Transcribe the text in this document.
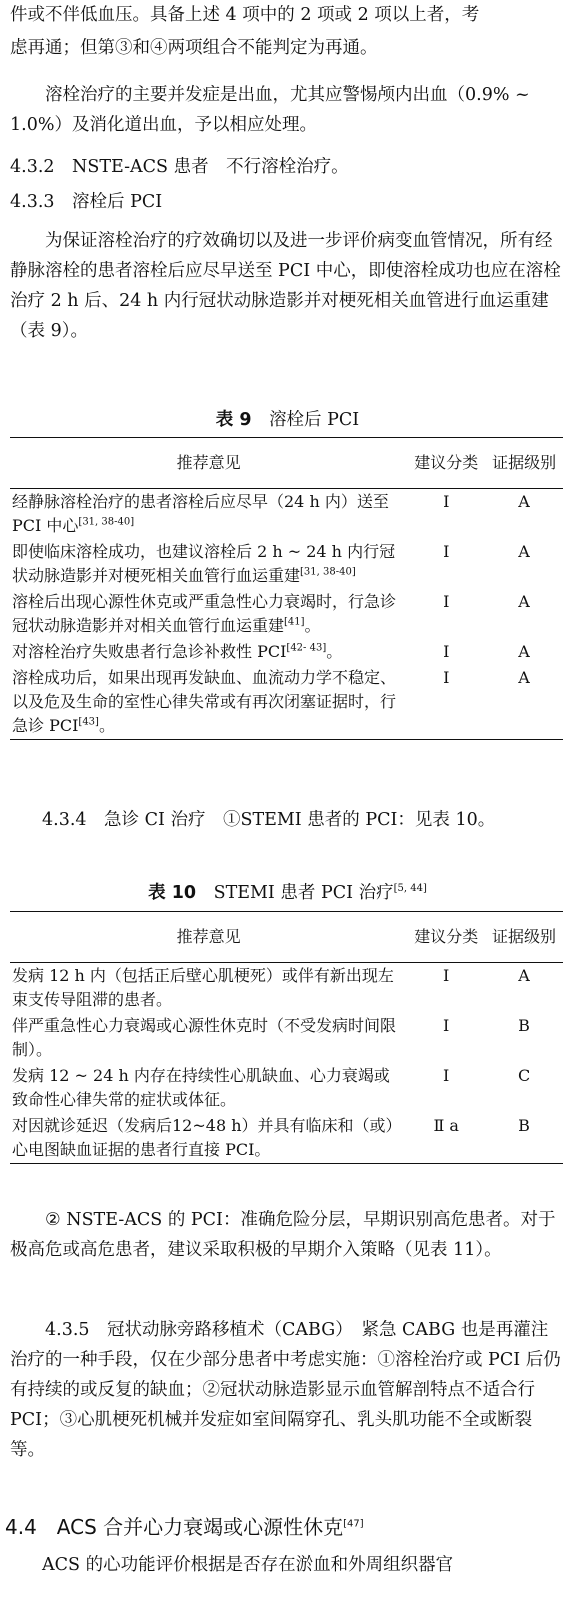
件或不伴低血压。具备上述 4 项中的 2 项或 2 项以上者，考

虑再通；但第③和④两项组合不能判定为再通。

溶栓治疗的主要并发症是出血，尤其应警惕颅内出血（0.9% ~ 1.0%）及消化道出血，予以相应处理。

4.3.2　NSTE-ACS 患者　不行溶栓治疗。

4.3.3　溶栓后 PCI

为保证溶栓治疗的疗效确切以及进一步评价病变血管情况，所有经静脉溶栓的患者溶栓后应尽早送至 PCI 中心，即使溶栓成功也应在溶栓治疗 2 h 后、24 h 内行冠状动脉造影并对梗死相关血管进行血运重建（表 9）。

表 9　 溶栓后 PCI
推荐意见	建议分类	证据级别
经静脉溶栓治疗的患者溶栓后应尽早（24 h 内）送至 PCI 中心[31, 38-40]	I	A
即使临床溶栓成功，也建议溶栓后 2 h ~ 24 h 内行冠状动脉造影并对梗死相关血管行血运重建[31, 38-40]	I	A
溶栓后出现心源性休克或严重急性心力衰竭时，行急诊冠状动脉造影并对相关血管行血运重建[41]。	I	A
对溶栓治疗失败患者行急诊补救性 PCI[42- 43]。	I	A
溶栓成功后，如果出现再发缺血、血流动力学不稳定、以及危及生命的室性心律失常或有再次闭塞证据时，行急诊 PCI[43]。	I	A

4.3.4　急诊 CI 治疗　①STEMI 患者的 PCI：见表 10。

表 10　 STEMI 患者 PCI 治疗[5, 44]
推荐意见	建议分类	证据级别
发病 12 h 内（包括正后壁心肌梗死）或伴有新出现左束支传导阻滞的患者。	I	A
伴严重急性心力衰竭或心源性休克时（不受发病时间限制）。	I	B
发病 12 ~ 24 h 内存在持续性心肌缺血、心力衰竭或致命性心律失常的症状或体征。	I	C
对因就诊延迟（发病后12~48 h）并具有临床和（或）心电图缺血证据的患者行直接 PCI。	Ⅱ a	B

② NSTE-ACS 的 PCI：准确危险分层，早期识别高危患者。对于极高危或高危患者，建议采取积极的早期介入策略（见表 11）。

4.3.5　冠状动脉旁路移植术（CABG）　紧急 CABG 也是再灌注治疗的一种手段，仅在少部分患者中考虑实施：①溶栓治疗或 PCI 后仍有持续的或反复的缺血；②冠状动脉造影显示血管解剖特点不适合行 PCI；③心肌梗死机械并发症如室间隔穿孔、乳头肌功能不全或断裂等。

4.4　ACS 合并心力衰竭或心源性休克[47]

ACS 的心功能评价根据是否存在淤血和外周组织器官
